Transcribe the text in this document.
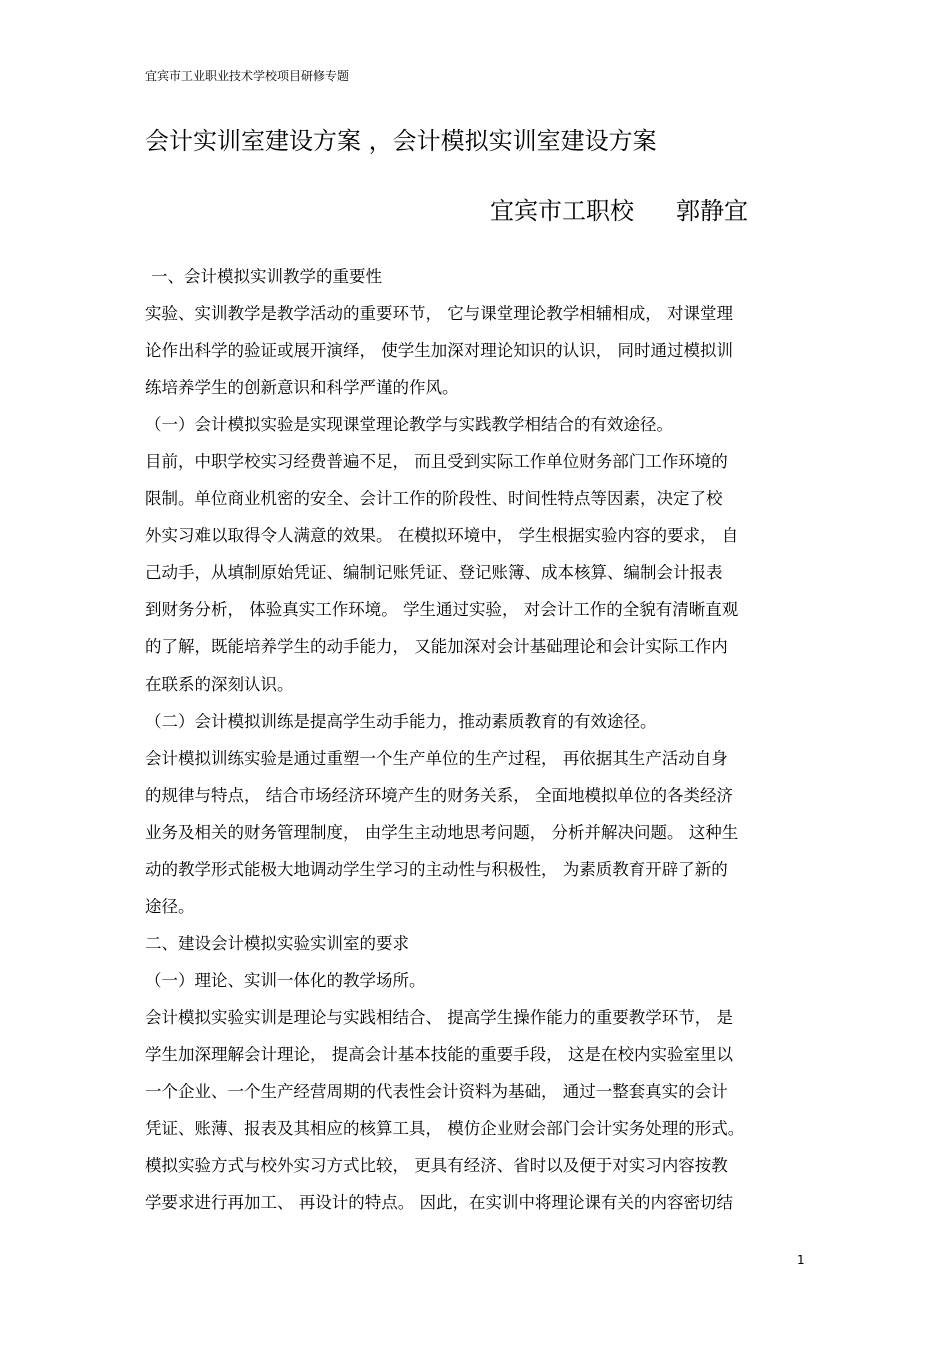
宜宾市工业职业技术学校项目研修专题
会计实训室建设方案 ，会计模拟实训室建设方案
宜宾市工职校 郭静宜
一、会计模拟实训教学的重要性
实验、实训教学是教学活动的重要环节， 它与课堂理论教学相辅相成， 对课堂理
论作出科学的验证或展开演绎， 使学生加深对理论知识的认识， 同时通过模拟训
练培养学生的创新意识和科学严谨的作风。
（一）会计模拟实验是实现课堂理论教学与实践教学相结合的有效途径。
目前，中职学校实习经费普遍不足， 而且受到实际工作单位财务部门工作环境的
限制。单位商业机密的安全、会计工作的阶段性、时间性特点等因素，决定了校
外实习难以取得令人满意的效果。 在模拟环境中， 学生根据实验内容的要求， 自
己动手，从填制原始凭证、编制记账凭证、登记账簿、成本核算、编制会计报表
到财务分析， 体验真实工作环境。 学生通过实验， 对会计工作的全貌有清晰直观
的了解，既能培养学生的动手能力， 又能加深对会计基础理论和会计实际工作内
在联系的深刻认识。
（二）会计模拟训练是提高学生动手能力，推动素质教育的有效途径。
会计模拟训练实验是通过重塑一个生产单位的生产过程， 再依据其生产活动自身
的规律与特点， 结合市场经济环境产生的财务关系， 全面地模拟单位的各类经济
业务及相关的财务管理制度， 由学生主动地思考问题， 分析并解决问题。 这种生
动的教学形式能极大地调动学生学习的主动性与积极性， 为素质教育开辟了新的
途径。
二、建设会计模拟实验实训室的要求
（一）理论、实训一体化的教学场所。
会计模拟实验实训是理论与实践相结合、 提高学生操作能力的重要教学环节， 是
学生加深理解会计理论， 提高会计基本技能的重要手段， 这是在校内实验室里以
一个企业、一个生产经营周期的代表性会计资料为基础， 通过一整套真实的会计
凭证、账薄、报表及其相应的核算工具， 模仿企业财会部门会计实务处理的形式。
模拟实验方式与校外实习方式比较， 更具有经济、省时以及便于对实习内容按教
学要求进行再加工、 再设计的特点。 因此，在实训中将理论课有关的内容密切结
1
